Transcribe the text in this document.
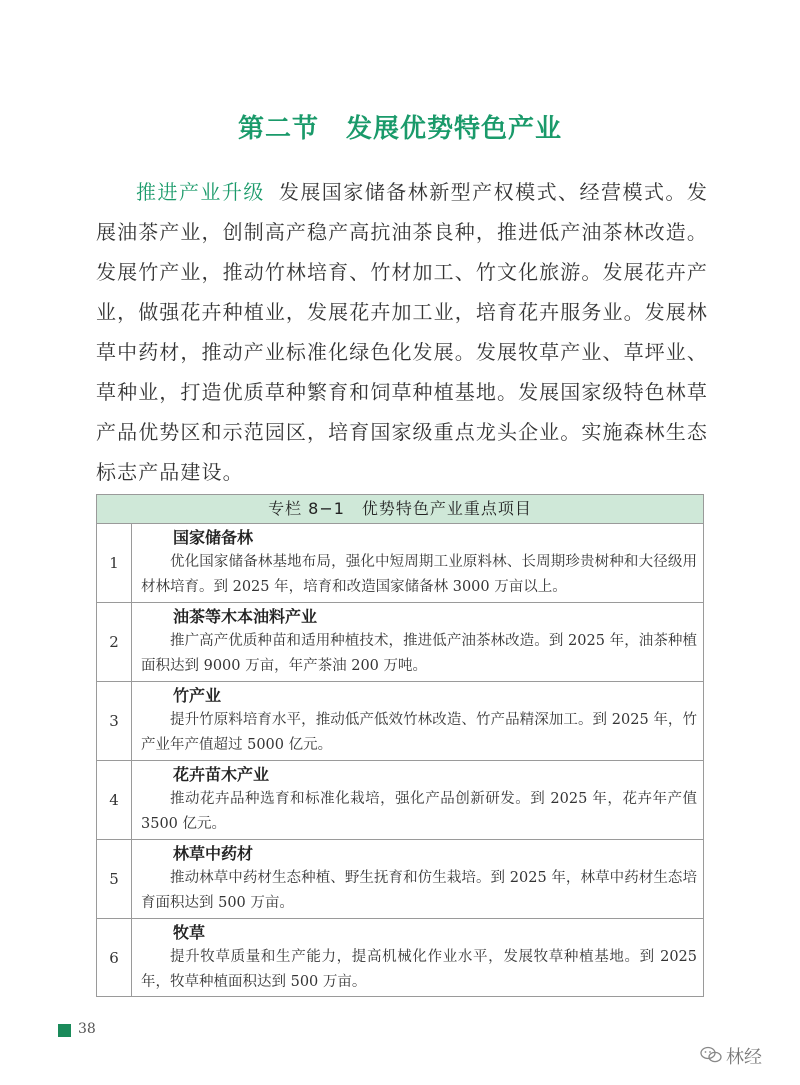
第二节　发展优势特色产业

推进产业升级 发展国家储备林新型产权模式、经营模式。发展油茶产业，创制高产稳产高抗油茶良种，推进低产油茶林改造。发展竹产业，推动竹林培育、竹材加工、竹文化旅游。发展花卉产业，做强花卉种植业，发展花卉加工业，培育花卉服务业。发展林草中药材，推动产业标准化绿色化发展。发展牧草产业、草坪业、草种业，打造优质草种繁育和饲草种植基地。发展国家级特色林草产品优势区和示范园区，培育国家级重点龙头企业。实施森林生态标志产品建设。

专栏 8−1　优势特色产业重点项目
1
国家储备林
优化国家储备林基地布局，强化中短周期工业原料林、长周期珍贵树种和大径级用材林培育。到 2025 年，培育和改造国家储备林 3000 万亩以上。
2
油茶等木本油料产业
推广高产优质种苗和适用种植技术，推进低产油茶林改造。到 2025 年，油茶种植面积达到 9000 万亩，年产茶油 200 万吨。
3
竹产业
提升竹原料培育水平，推动低产低效竹林改造、竹产品精深加工。到 2025 年，竹产业年产值超过 5000 亿元。
4
花卉苗木产业
推动花卉品种选育和标准化栽培，强化产品创新研发。到 2025 年，花卉年产值 3500 亿元。
5
林草中药材
推动林草中药材生态种植、野生抚育和仿生栽培。到 2025 年，林草中药材生态培育面积达到 500 万亩。
6
牧草
提升牧草质量和生产能力，提高机械化作业水平，发展牧草种植基地。到 2025 年，牧草种植面积达到 500 万亩。
38
林经
